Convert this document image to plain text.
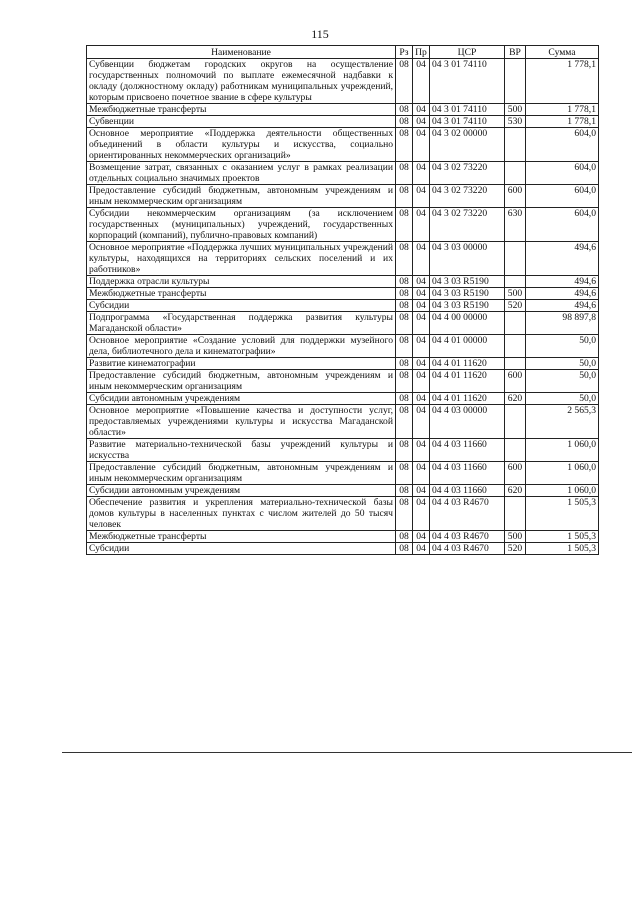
115
Наименование	Рз	Пр	ЦСР	ВР	Сумма
Субвенции бюджетам городских округов на осуществление государственных полномочий по выплате ежемесячной надбавки к окладу (должностному окладу) работникам муниципальных учреждений, которым присвоено почетное звание в сфере культуры	08	04	04 3 01 74110		1 778,1
Межбюджетные трансферты	08	04	04 3 01 74110	500	1 778,1
Субвенции	08	04	04 3 01 74110	530	1 778,1
Основное мероприятие «Поддержка деятельности общественных объединений в области культуры и искусства, социально ориентированных некоммерческих организаций»	08	04	04 3 02 00000		604,0
Возмещение затрат, связанных с оказанием услуг в рамках реализации отдельных социально значимых проектов	08	04	04 3 02 73220		604,0
Предоставление субсидий бюджетным, автономным учреждениям и иным некоммерческим организациям	08	04	04 3 02 73220	600	604,0
Субсидии некоммерческим организациям (за исключением государственных (муниципальных) учреждений, государственных корпораций (компаний), публично-правовых компаний)	08	04	04 3 02 73220	630	604,0
Основное мероприятие «Поддержка лучших муниципальных учреждений культуры, находящихся на территориях сельских поселений и их работников»	08	04	04 3 03 00000		494,6
Поддержка отрасли культуры	08	04	04 3 03 R5190		494,6
Межбюджетные трансферты	08	04	04 3 03 R5190	500	494,6
Субсидии	08	04	04 3 03 R5190	520	494,6
Подпрограмма «Государственная поддержка развития культуры Магаданской области»	08	04	04 4 00 00000		98 897,8
Основное мероприятие «Создание условий для поддержки музейного дела, библиотечного дела и кинематографии»	08	04	04 4 01 00000		50,0
Развитие кинематографии	08	04	04 4 01 11620		50,0
Предоставление субсидий бюджетным, автономным учреждениям и иным некоммерческим организациям	08	04	04 4 01 11620	600	50,0
Субсидии автономным учреждениям	08	04	04 4 01 11620	620	50,0
Основное мероприятие «Повышение качества и доступности услуг, предоставляемых учреждениями культуры и искусства Магаданской области»	08	04	04 4 03 00000		2 565,3
Развитие материально-технической базы учреждений культуры и искусства	08	04	04 4 03 11660		1 060,0
Предоставление субсидий бюджетным, автономным учреждениям и иным некоммерческим организациям	08	04	04 4 03 11660	600	1 060,0
Субсидии автономным учреждениям	08	04	04 4 03 11660	620	1 060,0
Обеспечение развития и укрепления материально-технической базы домов культуры в населенных пунктах с числом жителей до 50 тысяч человек	08	04	04 4 03 R4670		1 505,3
Межбюджетные трансферты	08	04	04 4 03 R4670	500	1 505,3
Субсидии	08	04	04 4 03 R4670	520	1 505,3
